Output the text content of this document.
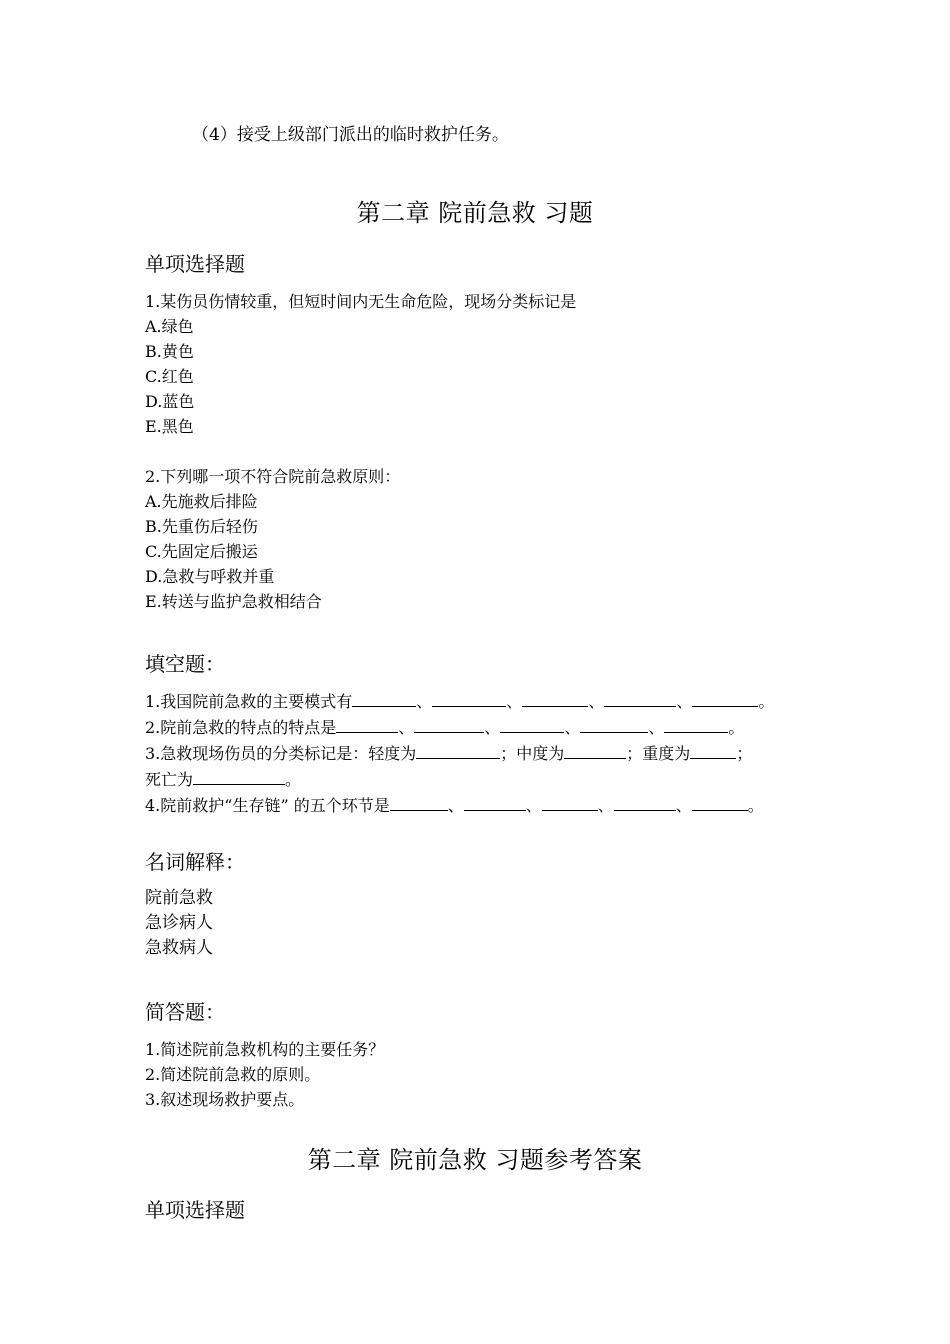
（4）接受上级部门派出的临时救护任务。
第二章 院前急救 习题
单项选择题
1.某伤员伤情较重，但短时间内无生命危险，现场分类标记是
A.绿色
B.黄色
C.红色
D.蓝色
E.黑色
2.下列哪一项不符合院前急救原则：
A.先施救后排险
B.先重伤后轻伤
C.先固定后搬运
D.急救与呼救并重
E.转送与监护急救相结合
填空题：
1.我国院前急救的主要模式有	、	、	、	、	。
2.院前急救的特点的特点是	、	、	、	、	。
3.急救现场伤员的分类标记是：轻度为	；中度为	；重度为	；
死亡为	。
4.院前救护“生存链” 的五个环节是	、	、	、	、	。
名词解释：
院前急救
急诊病人
急救病人
简答题：
1.简述院前急救机构的主要任务？
2.简述院前急救的原则。
3.叙述现场救护要点。
第二章 院前急救 习题参考答案
单项选择题
